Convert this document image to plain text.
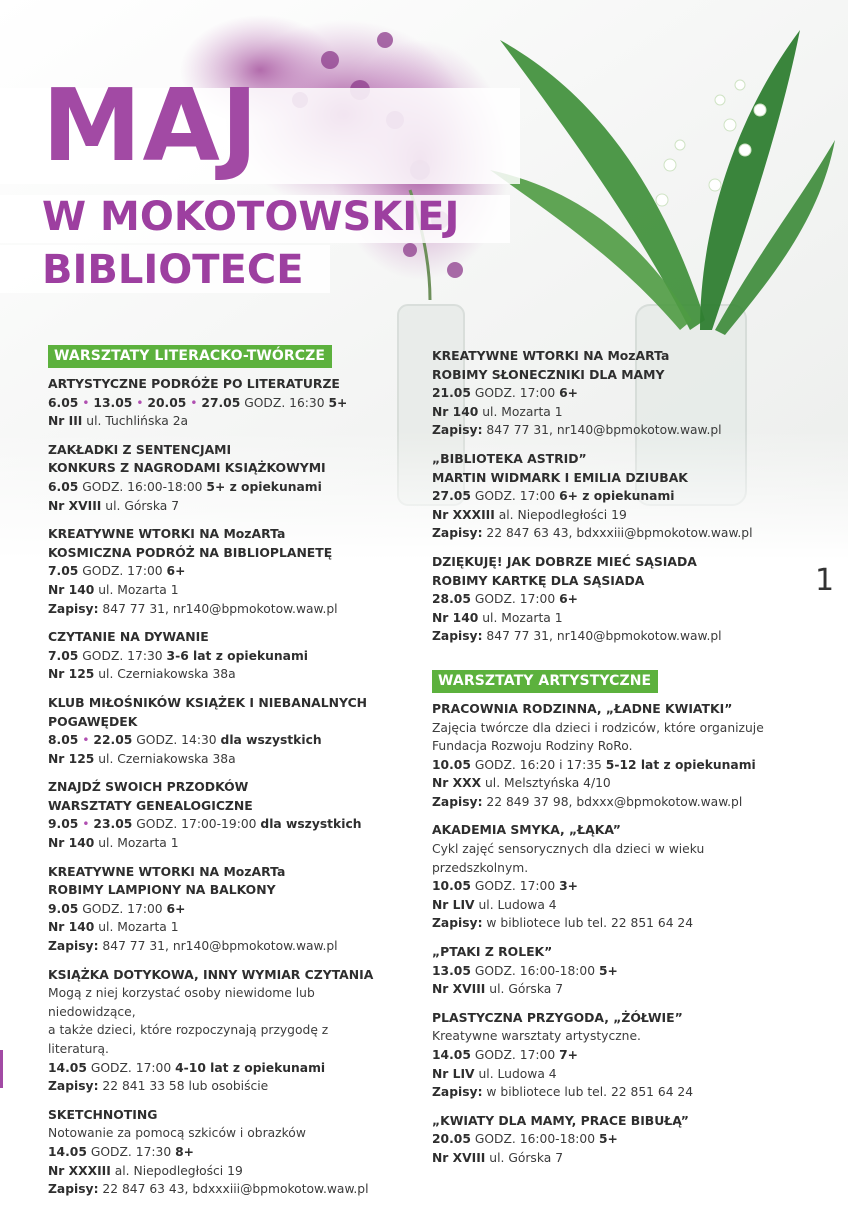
MAJ
W MOKOTOWSKIEJ
BIBLIOTECE
WARSZTATY LITERACKO-TWÓRCZE
ARTYSTYCZNE PODRÓŻE PO LITERATURZE
6.05 • 13.05 • 20.05 • 27.05 GODZ. 16:30 5+
Nr III ul. Tuchlińska 2a
ZAKŁADKI Z SENTENCJAMI
KONKURS Z NAGRODAMI KSIĄŻKOWYMI
6.05 GODZ. 16:00-18:00 5+ z opiekunami
Nr XVIII ul. Górska 7
KREATYWNE WTORKI NA MozARTa
KOSMICZNA PODRÓŻ NA BIBLIOPLANETĘ
7.05 GODZ. 17:00 6+
Nr 140 ul. Mozarta 1
Zapisy: 847 77 31, nr140@bpmokotow.waw.pl
CZYTANIE NA DYWANIE
7.05 GODZ. 17:30 3-6 lat z opiekunami
Nr 125 ul. Czerniakowska 38a
KLUB MIŁOŚNIKÓW KSIĄŻEK I NIEBANALNYCH
POGAWĘDEK
8.05 • 22.05 GODZ. 14:30 dla wszystkich
Nr 125 ul. Czerniakowska 38a
ZNAJDŹ SWOICH PRZODKÓW
WARSZTATY GENEALOGICZNE
9.05 • 23.05 GODZ. 17:00-19:00 dla wszystkich
Nr 140 ul. Mozarta 1
KREATYWNE WTORKI NA MozARTa
ROBIMY LAMPIONY NA BALKONY
9.05 GODZ. 17:00 6+
Nr 140 ul. Mozarta 1
Zapisy: 847 77 31, nr140@bpmokotow.waw.pl
KSIĄŻKA DOTYKOWA, INNY WYMIAR CZYTANIA
Mogą z niej korzystać osoby niewidome lub niedowidzące,
a także dzieci, które rozpoczynają przygodę z literaturą.
14.05 GODZ. 17:00 4-10 lat z opiekunami
Zapisy: 22 841 33 58 lub osobiście
SKETCHNOTING
Notowanie za pomocą szkiców i obrazków
14.05 GODZ. 17:30 8+
Nr XXXIII al. Niepodległości 19
Zapisy: 22 847 63 43, bdxxxiii@bpmokotow.waw.pl
KREATYWNE WTORKI NA MozARTa
ROBIMY SŁONECZNIKI DLA MAMY
21.05 GODZ. 17:00 6+
Nr 140 ul. Mozarta 1
Zapisy: 847 77 31, nr140@bpmokotow.waw.pl
„BIBLIOTEKA ASTRID”
MARTIN WIDMARK I EMILIA DZIUBAK
27.05 GODZ. 17:00 6+ z opiekunami
Nr XXXIII al. Niepodległości 19
Zapisy: 22 847 63 43, bdxxxiii@bpmokotow.waw.pl
DZIĘKUJĘ! JAK DOBRZE MIEĆ SĄSIADA
ROBIMY KARTKĘ DLA SĄSIADA
28.05 GODZ. 17:00 6+
Nr 140 ul. Mozarta 1
Zapisy: 847 77 31, nr140@bpmokotow.waw.pl
WARSZTATY ARTYSTYCZNE
PRACOWNIA RODZINNA, „ŁADNE KWIATKI”
Zajęcia twórcze dla dzieci i rodziców, które organizuje
Fundacja Rozwoju Rodziny RoRo.
10.05 GODZ. 16:20 i 17:35 5-12 lat z opiekunami
Nr XXX ul. Melsztyńska 4/10
Zapisy: 22 849 37 98, bdxxx@bpmokotow.waw.pl
AKADEMIA SMYKA, „ŁĄKA”
Cykl zajęć sensorycznych dla dzieci w wieku
przedszkolnym.
10.05 GODZ. 17:00 3+
Nr LIV ul. Ludowa 4
Zapisy: w bibliotece lub tel. 22 851 64 24
„PTAKI Z ROLEK”
13.05 GODZ. 16:00-18:00 5+
Nr XVIII ul. Górska 7
PLASTYCZNA PRZYGODA, „ŻÓŁWIE”
Kreatywne warsztaty artystyczne.
14.05 GODZ. 17:00 7+
Nr LIV ul. Ludowa 4
Zapisy: w bibliotece lub tel. 22 851 64 24
„KWIATY DLA MAMY, PRACE BIBUŁĄ”
20.05 GODZ. 16:00-18:00 5+
Nr XVIII ul. Górska 7
1
